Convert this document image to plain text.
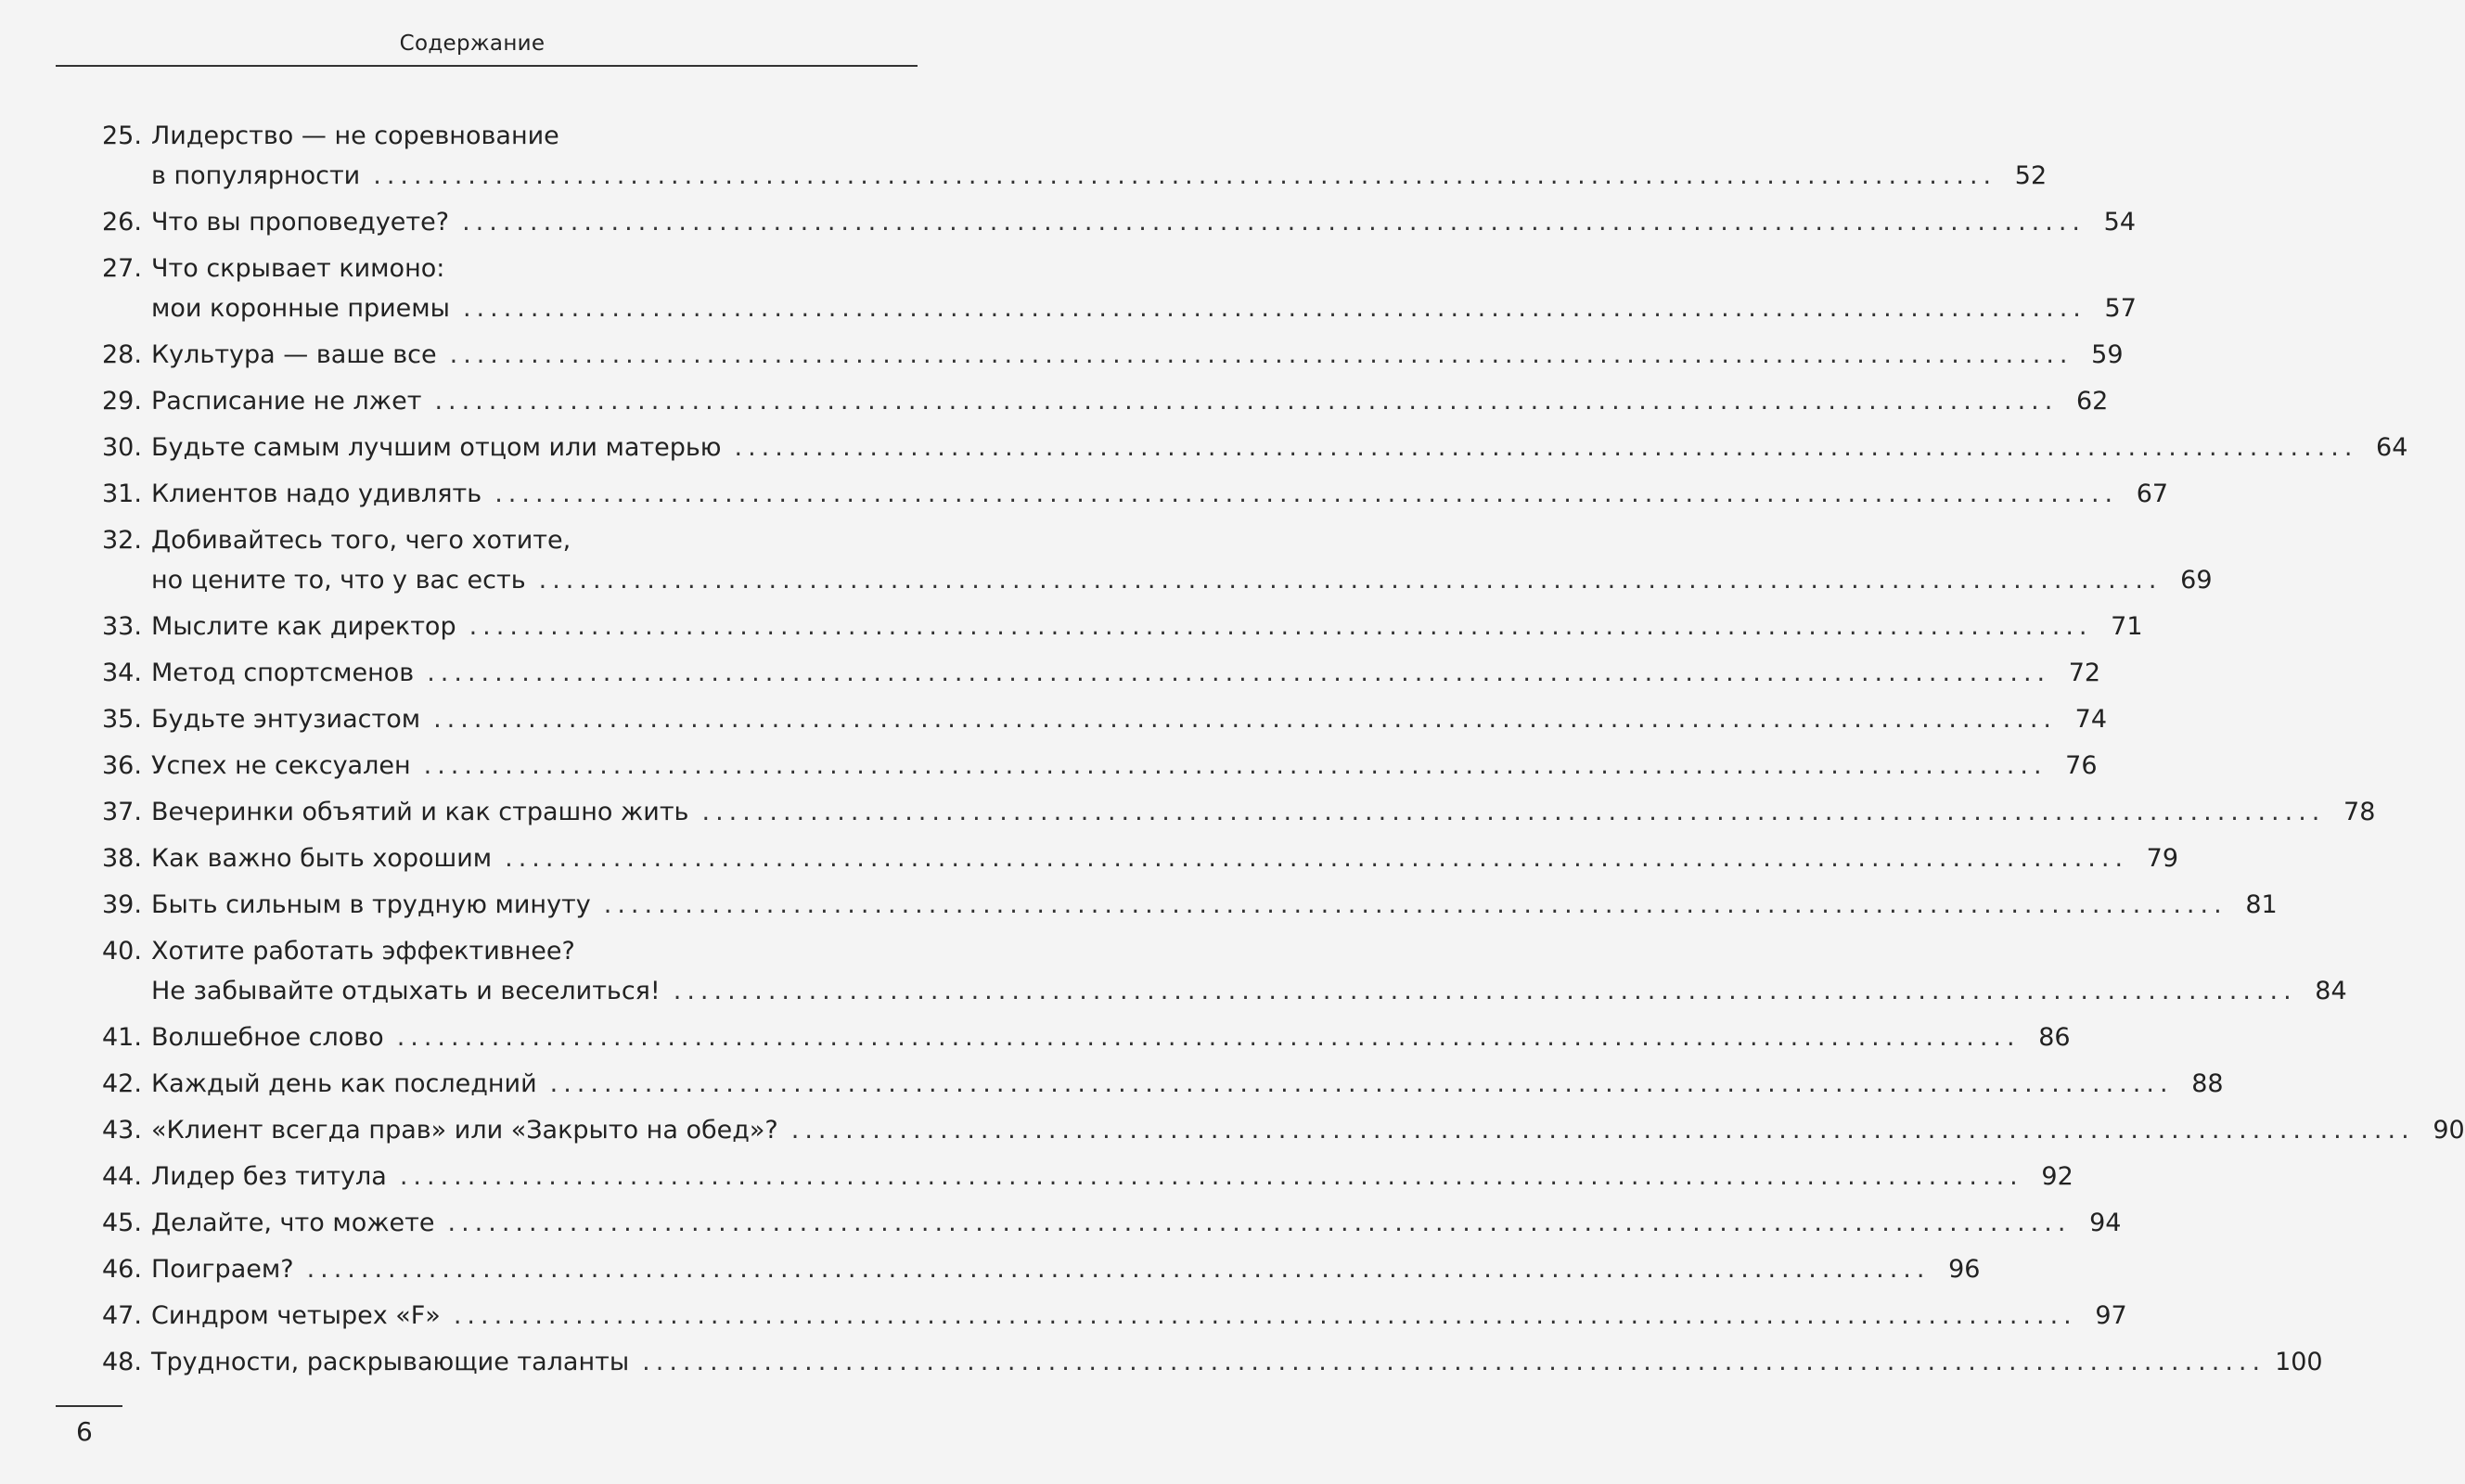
Содержание
25. Лидерство — не соревнование
в популярности ........................................................................................................................ 52
26. Что вы проповедуете? ........................................................................................................................ 54
27. Что скрывает кимоно:
мои коронные приемы ........................................................................................................................ 57
28. Культура — ваше все ........................................................................................................................ 59
29. Расписание не лжет ........................................................................................................................ 62
30. Будьте самым лучшим отцом или матерью ........................................................................................................................ 64
31. Клиентов надо удивлять ........................................................................................................................ 67
32. Добивайтесь того, чего хотите,
но цените то, что у вас есть ........................................................................................................................ 69
33. Мыслите как директор ........................................................................................................................ 71
34. Метод спортсменов ........................................................................................................................ 72
35. Будьте энтузиастом ........................................................................................................................ 74
36. Успех не сексуален ........................................................................................................................ 76
37. Вечеринки объятий и как страшно жить ........................................................................................................................ 78
38. Как важно быть хорошим ........................................................................................................................ 79
39. Быть сильным в трудную минуту ........................................................................................................................ 81
40. Хотите работать эффективнее?
Не забывайте отдыхать и веселиться! ........................................................................................................................ 84
41. Волшебное слово ........................................................................................................................ 86
42. Каждый день как последний ........................................................................................................................ 88
43. «Клиент всегда прав» или «Закрыто на обед»? ........................................................................................................................ 90
44. Лидер без титула ........................................................................................................................ 92
45. Делайте, что можете ........................................................................................................................ 94
46. Поиграем? ........................................................................................................................ 96
47. Синдром четырех «F» ........................................................................................................................ 97
48. Трудности, раскрывающие таланты ........................................................................................................................ 100
6
